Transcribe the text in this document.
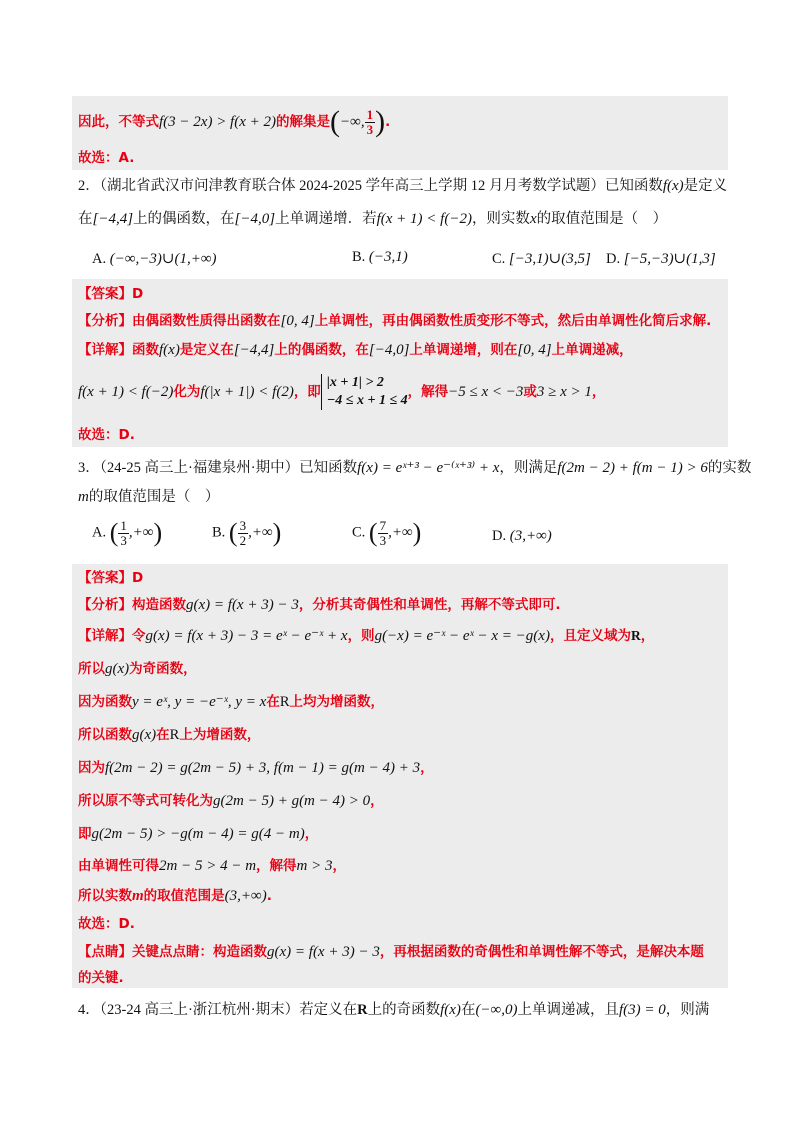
因此，不等式f(3 − 2x) > f(x + 2)的解集是(−∞, $\frac{1}{3}$ ).
故选：A.
2．（湖北省武汉市问津教育联合体 2024-2025 学年高三上学期 12 月月考数学试题）已知函数f(x)是定义
在[−4,4]上的偶函数，在[−4,0]上单调递增．若f(x + 1) < f(−2)，则实数x的取值范围是（　）
A. (−∞,−3)∪(1,+∞)	B. (−3,1)	C. [−3,1)∪(3,5] D. [−5,−3)∪(1,3]
【答案】D
【分析】由偶函数性质得出函数在[0, 4]上单调性，再由偶函数性质变形不等式，然后由单调性化简后求解.
【详解】函数f(x)是定义在[−4,4]上的偶函数，在[−4,0]上单调递增，则在[0, 4]上单调递减，
f(x + 1) < f(−2)化为f(|x + 1|) < f(2)，即
|x + 1| > 2
−4 ≤ x + 1 ≤ 4
，解得−5 ≤ x < −3或3 ≥ x > 1，
故选：D.
3．（24-25 高三上·福建泉州·期中）已知函数f(x) = eˣ⁺³ − e⁻⁽ˣ⁺³⁾ + x，则满足f(2m − 2) + f(m − 1) > 6的实数
m的取值范围是（　）
A. ( $\frac{1}{3}$ ,+∞)	B. ( $\frac{3}{2}$ ,+∞)	C. ( $\frac{7}{3}$ ,+∞)	D. (3,+∞)
【答案】D
【分析】构造函数g(x) = f(x + 3) − 3，分析其奇偶性和单调性，再解不等式即可.
【详解】令g(x) = f(x + 3) − 3 = eˣ − e⁻ˣ + x，则g(−x) = e⁻ˣ − eˣ − x = −g(x)，且定义域为R，
所以g(x)为奇函数，
因为函数y = eˣ, y = −e⁻ˣ, y = x在R上均为增函数，
所以函数g(x)在R上为增函数，
因为f(2m − 2) = g(2m − 5) + 3, f(m − 1) = g(m − 4) + 3，
所以原不等式可转化为g(2m − 5) + g(m − 4) > 0，
即g(2m − 5) > −g(m − 4) = g(4 − m)，
由单调性可得2m − 5 > 4 − m，解得m > 3，
所以实数m的取值范围是(3,+∞).
故选：D.
【点睛】关键点点睛：构造函数g(x) = f(x + 3) − 3，再根据函数的奇偶性和单调性解不等式，是解决本题
的关键.
4．（23-24 高三上·浙江杭州·期末）若定义在R上的奇函数f(x)在(−∞,0)上单调递减，且f(3) = 0，则满
